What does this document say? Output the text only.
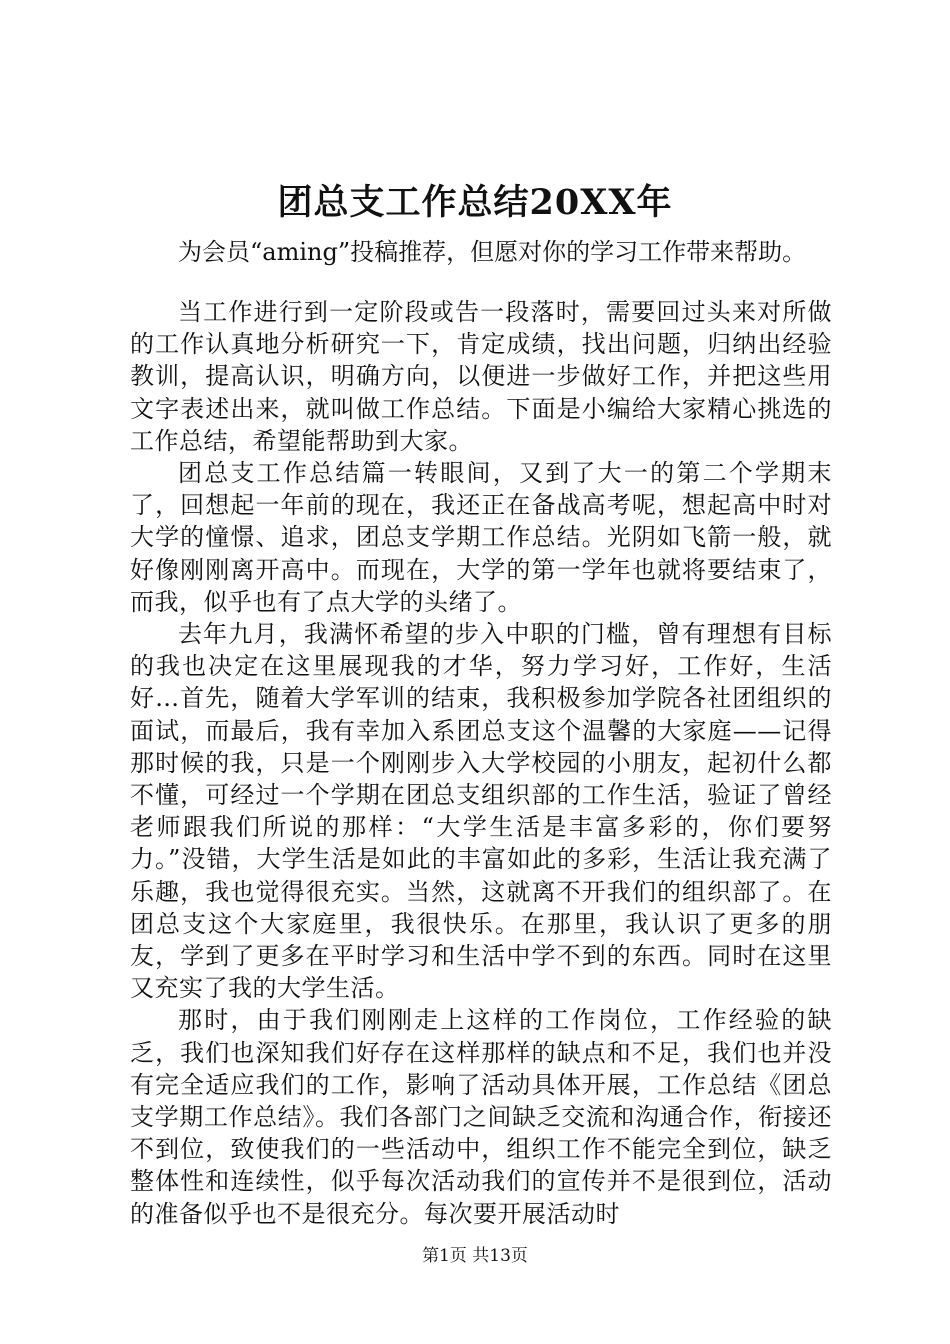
团总支工作总结20XX年
为会员“aming”投稿推荐，但愿对你的学习工作带来帮助。

当工作进行到一定阶段或告一段落时，需要回过头来对所做的工作认真地分析研究一下，肯定成绩，找出问题，归纳出经验教训，提高认识，明确方向，以便进一步做好工作，并把这些用文字表述出来，就叫做工作总结。下面是小编给大家精心挑选的工作总结，希望能帮助到大家。

团总支工作总结篇一转眼间，又到了大一的第二个学期末了，回想起一年前的现在，我还正在备战高考呢，想起高中时对大学的憧憬、追求，团总支学期工作总结。光阴如飞箭一般，就好像刚刚离开高中。而现在，大学的第一学年也就将要结束了，而我，似乎也有了点大学的头绪了。

去年九月，我满怀希望的步入中职的门槛，曾有理想有目标的我也决定在这里展现我的才华，努力学习好，工作好，生活好…首先，随着大学军训的结束，我积极参加学院各社团组织的面试，而最后，我有幸加入系团总支这个温馨的大家庭——记得那时候的我，只是一个刚刚步入大学校园的小朋友，起初什么都不懂，可经过一个学期在团总支组织部的工作生活，验证了曾经老师跟我们所说的那样：“大学生活是丰富多彩的，你们要努力。”没错，大学生活是如此的丰富如此的多彩，生活让我充满了乐趣，我也觉得很充实。当然，这就离不开我们的组织部了。在团总支这个大家庭里，我很快乐。在那里，我认识了更多的朋友，学到了更多在平时学习和生活中学不到的东西。同时在这里又充实了我的大学生活。

那时，由于我们刚刚走上这样的工作岗位，工作经验的缺乏，我们也深知我们好存在这样那样的缺点和不足，我们也并没有完全适应我们的工作，影响了活动具体开展，工作总结《团总支学期工作总结》。我们各部门之间缺乏交流和沟通合作，衔接还不到位，致使我们的一些活动中，组织工作不能完全到位，缺乏整体性和连续性，似乎每次活动我们的宣传并不是很到位，活动的准备似乎也不是很充分。每次要开展活动时

第1页 共13页
